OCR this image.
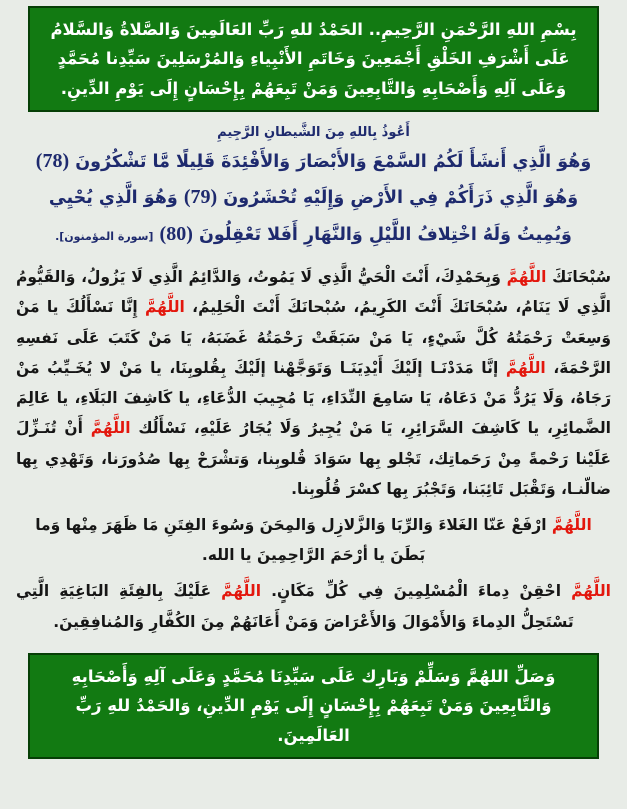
بِسْمِ اللهِ الرَّحْمَنِ الرَّحِيمِ.. الحَمْدُ للهِ رَبِّ العَالَمِينَ وَالصَّلاةُ وَالسَّلامُ عَلَى أَشْرَفِ الخَلْقِ أَجْمَعِينَ وَخَاتَمِ الأَنْبِياءِ وَالمُرْسَلِينَ سَيِّدِنا مُحَمَّدٍ وَعَلَى آلِهِ وَأَصْحَابِهِ وَالتَّابِعِينَ وَمَنْ تَبِعَهُمْ بِإِحْسَانٍ إِلَى يَوْمِ الدِّينِ.
أَعُوذُ بِاللهِ مِنَ الشَّيطانِ الرَّجِيمِ
وَهُوَ الَّذِي أَنشَأَ لَكُمُ السَّمْعَ وَالأَبْصَارَ وَالأَفْئِدَةَ قَلِيلًا مَّا تَشْكُرُونَ (78) وَهُوَ الَّذِي ذَرَأَكُمْ فِي الأَرْضِ وَإِلَيْهِ تُحْشَرُونَ (79) وَهُوَ الَّذِي يُحْيِي وَيُمِيتُ وَلَهُ اخْتِلافُ اللَّيْلِ وَالنَّهَارِ أَفَلا تَعْقِلُونَ (80) [سورة المؤمنون].
سُبْحَانَكَ اللَّهُمَّ وَبِحَمْدِكَ، أَنْتَ الْحَيُّ الَّذِي لَا يَمُوتُ، وَالدَّائِمُ الَّذِي لَا يَزُولُ، وَالقَيُّومُ الَّذِي لَا يَنَامُ، سُبْحَانَكَ أَنْتَ الكَرِيمُ، سُبْحانَكَ أَنْتَ الْحَلِيمُ، اللَّهُمَّ إِنَّا نَسْأَلُكَ يا مَنْ وَسِعَتْ رَحْمَتُهُ كُلَّ شَيْءٍ، يَا مَنْ سَبَقَتْ رَحْمَتُهُ غَضَبَهُ، يَا مَنْ كَتَبَ عَلَى نَفسِهِ الرَّحْمَةَ، اللَّهُمَّ إنَّا مَدَدْنَـا إلَيْكَ أَيْدِيَنَـا وَتَوَجَّهْنا إلَيْكَ بِقُلوبِنَا، يا مَنْ لا يُخَـيِّبُ مَنْ رَجَاهُ، وَلَا يَرُدُّ مَنْ دَعَاهُ، يَا سَامِعَ النِّدَاءِ، يَا مُجِيبَ الدُّعَاءِ، يا كَاشِفَ البَلَاءِ، يا عَالِمَ الضَّمائِرِ، يا كَاشِفَ السَّرَائِرِ، يَا مَنْ يُجِيرُ وَلَا يُجَارُ عَلَيْهِ، نَسْأَلُك اللَّهُمَّ أَنْ تُنَـزِّلَ عَلَيْنا رَحْمةً مِنْ رَحَماتِك، تَجْلو بِها سَوَادَ قُلوبِنا، وَتشْرَحْ بِها صُدُورَنا، وَتَهْدِي بِها ضالّنـا، وَتَقْبَل تَائِبَنا، وَتَجْبُرَ بِها كسْرَ قُلُوبِنا.
اللَّهُمَّ ارْفَعْ عَنّا الغَلاءَ وَالرِّبَا وَالزَّلازِل وَالمِحَنَ وَسُوءَ الفِتَنِ مَا ظَهَرَ مِنْها وَما بَطَنَ يا أرْحَمَ الرَّاحِمِينَ يا الله.
اللَّهُمَّ احْقِنْ دِماءَ الْمُسْلِمِينَ فِي كُلِّ مَكَانٍ. اللَّهُمَّ عَلَيْكَ بِالفِئَةِ البَاغِيَةِ الَّتِي تَسْتَحِلُّ الدِماءَ وَالأَمْوَالَ وَالأَعْرَاضَ وَمَنْ أَعَانَهُمْ مِنَ الكُفَّارِ وَالمُنافِقِينَ.
وَصَلِّ اللهُمَّ وَسَلِّمْ وَبَارِك عَلَى سَيِّدِنَا مُحَمَّدٍ وَعَلَى آلِهِ وَأَصْحَابِهِ وَالتَّابِعِينَ وَمَنْ تَبِعَهُمْ بِإِحْسَانٍ إِلَى يَوْمِ الدِّينِ، وَالحَمْدُ للهِ رَبِّ العَالَمِينَ.
